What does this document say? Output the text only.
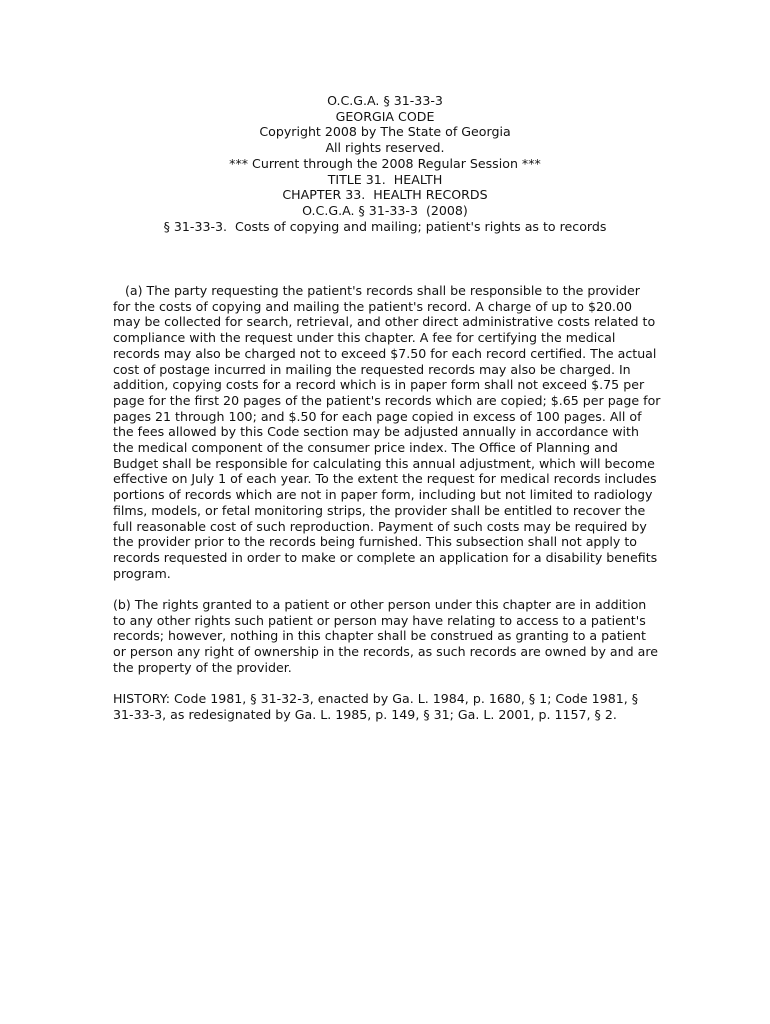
O.C.G.A. § 31-33-3
GEORGIA CODE
Copyright 2008 by The State of Georgia
All rights reserved.
*** Current through the 2008 Regular Session ***
TITLE 31.  HEALTH
CHAPTER 33.  HEALTH RECORDS
O.C.G.A. § 31-33-3  (2008)
§ 31-33-3.  Costs of copying and mailing; patient's rights as to records

(a) The party requesting the patient's records shall be responsible to the provider for the costs of copying and mailing the patient's record. A charge of up to $20.00 may be collected for search, retrieval, and other direct administrative costs related to compliance with the request under this chapter. A fee for certifying the medical records may also be charged not to exceed $7.50 for each record certified. The actual cost of postage incurred in mailing the requested records may also be charged. In addition, copying costs for a record which is in paper form shall not exceed $.75 per page for the first 20 pages of the patient's records which are copied; $.65 per page for pages 21 through 100; and $.50 for each page copied in excess of 100 pages. All of the fees allowed by this Code section may be adjusted annually in accordance with the medical component of the consumer price index. The Office of Planning and Budget shall be responsible for calculating this annual adjustment, which will become effective on July 1 of each year. To the extent the request for medical records includes portions of records which are not in paper form, including but not limited to radiology films, models, or fetal monitoring strips, the provider shall be entitled to recover the full reasonable cost of such reproduction. Payment of such costs may be required by the provider prior to the records being furnished. This subsection shall not apply to records requested in order to make or complete an application for a disability benefits program.

(b) The rights granted to a patient or other person under this chapter are in addition to any other rights such patient or person may have relating to access to a patient's records; however, nothing in this chapter shall be construed as granting to a patient or person any right of ownership in the records, as such records are owned by and are the property of the provider.

HISTORY: Code 1981, § 31-32-3, enacted by Ga. L. 1984, p. 1680, § 1; Code 1981, § 31-33-3, as redesignated by Ga. L. 1985, p. 149, § 31; Ga. L. 2001, p. 1157, § 2.
